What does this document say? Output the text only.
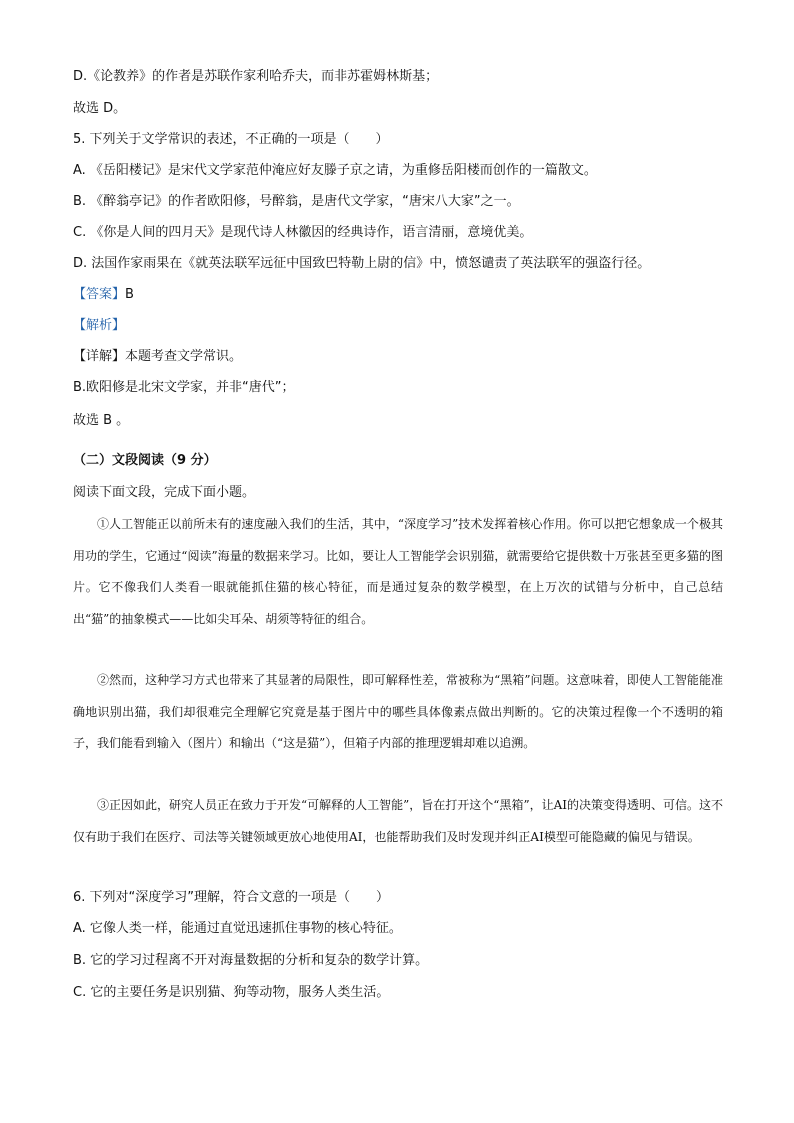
D.《论教养》的作者是苏联作家利哈乔夫，而非苏霍姆林斯基；
故选 D。
5. 下列关于文学常识的表述，不正确的一项是（　　）
A. 《岳阳楼记》是宋代文学家范仲淹应好友滕子京之请，为重修岳阳楼而创作的一篇散文。
B. 《醉翁亭记》的作者欧阳修，号醉翁，是唐代文学家，“唐宋八大家”之一。
C. 《你是人间的四月天》是现代诗人林徽因的经典诗作，语言清丽，意境优美。
D. 法国作家雨果在《就英法联军远征中国致巴特勒上尉的信》中，愤怒谴责了英法联军的强盗行径。
【答案】B
【解析】
【详解】本题考查文学常识。
B.欧阳修是北宋文学家，并非“唐代”；
故选 B 。
（二）文段阅读（9 分）
阅读下面文段，完成下面小题。

①人工智能正以前所未有的速度融入我们的生活，其中，“深度学习”技术发挥着核心作用。你可以把它想象成一个极其用功的学生，它通过“阅读”海量的数据来学习。比如，要让人工智能学会识别猫，就需要给它提供数十万张甚至更多猫的图片。它不像我们人类看一眼就能抓住猫的核心特征，而是通过复杂的数学模型，在上万次的试错与分析中，自己总结出“猫”的抽象模式——比如尖耳朵、胡须等特征的组合。

②然而，这种学习方式也带来了其显著的局限性，即可解释性差，常被称为“黑箱”问题。这意味着，即使人工智能能准确地识别出猫，我们却很难完全理解它究竟是基于图片中的哪些具体像素点做出判断的。它的决策过程像一个不透明的箱子，我们能看到输入（图片）和输出（“这是猫”），但箱子内部的推理逻辑却难以追溯。

③正因如此，研究人员正在致力于开发“可解释的人工智能”，旨在打开这个“黑箱”，让AI的决策变得透明、可信。这不仅有助于我们在医疗、司法等关键领域更放心地使用AI，也能帮助我们及时发现并纠正AI模型可能隐藏的偏见与错误。

6. 下列对“深度学习”理解，符合文意的一项是（　　）
A. 它像人类一样，能通过直觉迅速抓住事物的核心特征。
B. 它的学习过程离不开对海量数据的分析和复杂的数学计算。
C. 它的主要任务是识别猫、狗等动物，服务人类生活。
